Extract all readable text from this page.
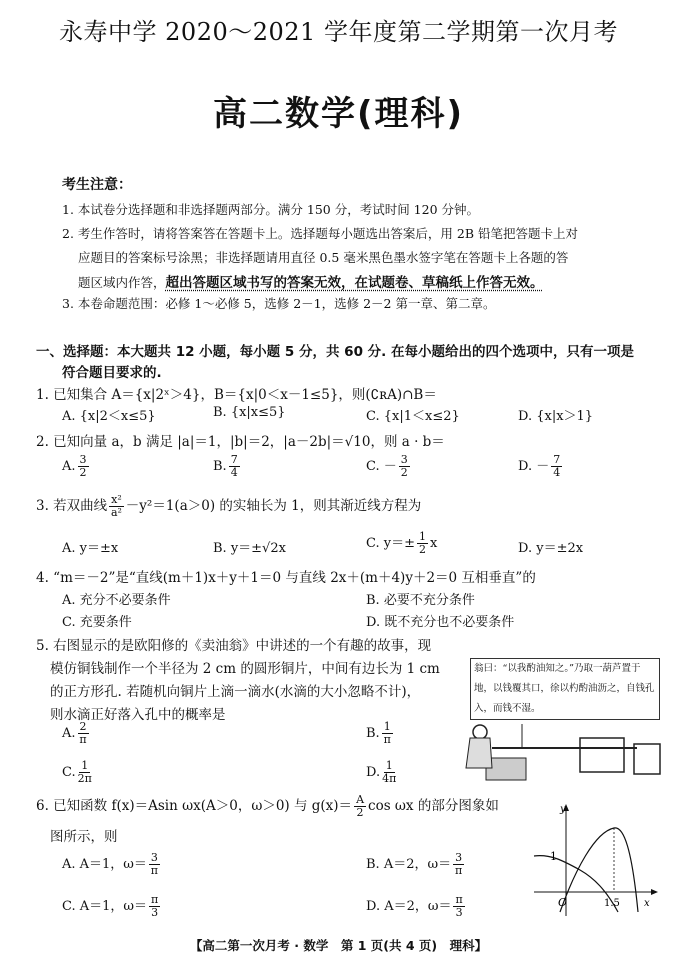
永寿中学 2020～2021 学年度第二学期第一次月考
高二数学(理科)
考生注意：
1. 本试卷分选择题和非选择题两部分。满分 150 分，考试时间 120 分钟。
2. 考生作答时，请将答案答在答题卡上。选择题每小题选出答案后，用 2B 铅笔把答题卡上对
应题目的答案标号涂黑；非选择题请用直径 0.5 毫米黑色墨水签字笔在答题卡上各题的答
题区域内作答，超出答题区域书写的答案无效，在试题卷、草稿纸上作答无效。
3. 本卷命题范围：必修 1～必修 5，选修 2－1，选修 2－2 第一章、第二章。
一、选择题：本大题共 12 小题，每小题 5 分，共 60 分. 在每小题给出的四个选项中，只有一项是
符合题目要求的.
1. 已知集合 A＝{x|2ˣ＞4}，B＝{x|0＜x－1≤5}，则(∁ʀA)∩B＝
A. {x|2＜x≤5}	B. {x|x≤5}	C. {x|1＜x≤2}	D. {x|x＞1}
2. 已知向量 a，b 满足 |a|＝1，|b|＝2，|a－2b|＝√10，则 a · b＝
A. $\frac{3}{2}$	B. $\frac{7}{4}$	C. － $\frac{3}{2}$	D. － $\frac{7}{4}$
3. 若双曲线 $\frac{\text{x²}}{\text{a²}} -y^2=1(a>0)$ 的实轴长为 1，则其渐近线方程为
A. y＝±x	B. y＝±√2x	C. $y=\pm \frac{1}{2}$ x	D. y＝±2x
4. “m＝－2”是“直线(m＋1)x＋y＋1＝0 与直线 2x＋(m＋4)y＋2＝0 互相垂直”的
A. 充分不必要条件	B. 必要不充分条件
C. 充要条件	D. 既不充分也不必要条件
5. 右图显示的是欧阳修的《卖油翁》中讲述的一个有趣的故事，现
模仿铜钱制作一个半径为 2 cm 的圆形铜片，中间有边长为 1 cm
的正方形孔. 若随机向铜片上滴一滴水(水滴的大小忽略不计)，
则水滴正好落入孔中的概率是
翁曰：“以我酌油知之。”乃取一葫芦置于地，以钱覆其口，徐以杓酌油沥之，自钱孔入，而钱不湿。
A. $\frac{2}{\pi}$	B. $\frac{1}{\pi}$
C. $\frac{1}{2\pi}$	D. $\frac{1}{4\pi}$
6. 已知函数 f(x)＝Asin ωx(A＞0，ω＞0) 与 $g(x)= \frac{A}{2}$ cos ωx 的部分图象如
图所示，则
A. A＝1，$\omega= \frac{3}{\pi}$	B. A＝2，$\omega= \frac{3}{\pi}$
C. A＝1，$\omega= \frac{\pi}{3}$	D. A＝2，$\omega= \frac{\pi}{3}$
y
x
1
O	1.5
【高二第一次月考 · 数学　第 1 页(共 4 页)　理科】
